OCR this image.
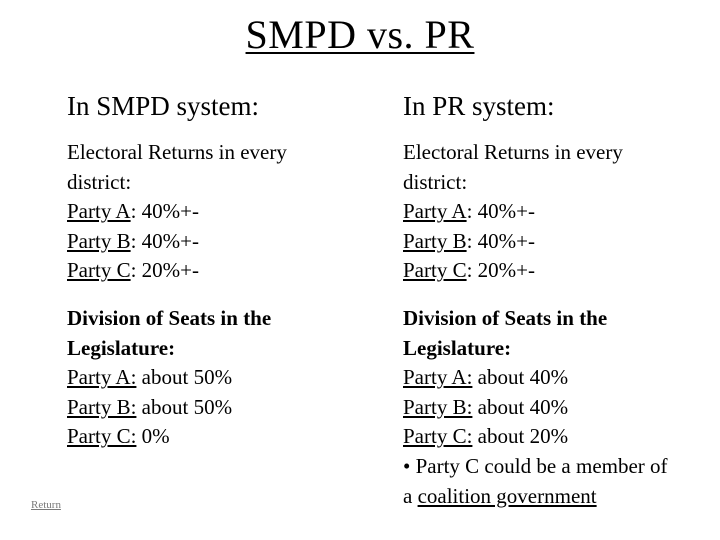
SMPD vs. PR
In SMPD system:
Electoral Returns in every
district:
Party A: 40%+-
Party B: 40%+-
Party C: 20%+-
Division of Seats in the
Legislature:
Party A: about 50%
Party B: about 50%
Party C: 0%
In PR system:
Electoral Returns in every
district:
Party A: 40%+-
Party B: 40%+-
Party C: 20%+-
Division of Seats in the
Legislature:
Party A: about 40%
Party B: about 40%
Party C: about 20%
• Party C could be a member of
a coalition government
Return
